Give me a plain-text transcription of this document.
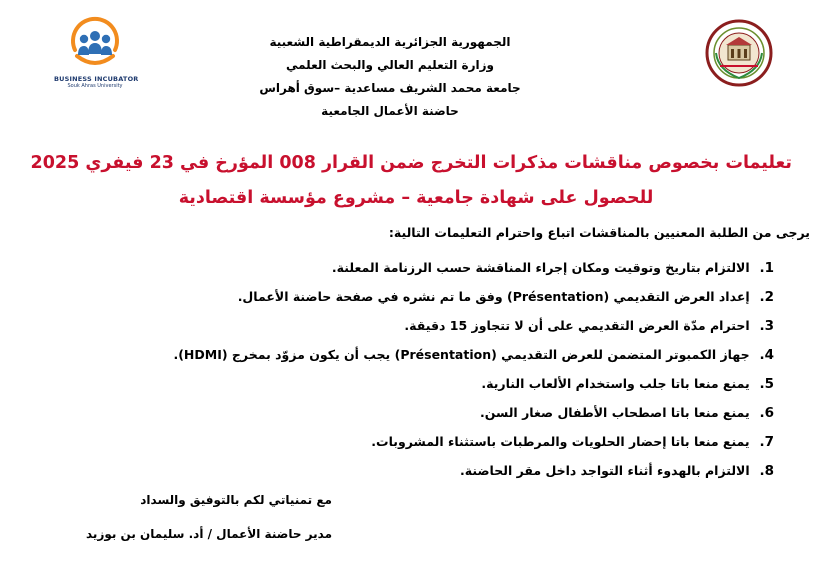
BUSINESS INCUBATOR
Souk Ahras University
الجمهورية الجزائرية الديمقراطية الشعبية
وزارة التعليم العالي والبحث العلمي
جامعة محمد الشريف مساعدية –سوق أهراس
حاضنة الأعمال الجامعية
تعليمات بخصوص مناقشات مذكرات التخرج ضمن القرار 008 المؤرخ في 23 فيفري 2025
للحصول على شهادة جامعية – مشروع مؤسسة اقتصادية
يرجى من الطلبة المعنيين بالمناقشات اتباع واحترام التعليمات التالية:
1. الالتزام بتاريخ وتوقيت ومكان إجراء المناقشة حسب الرزنامة المعلنة.
2. إعداد العرض التقديمي (Présentation) وفق ما تم نشره في صفحة حاضنة الأعمال.
3. احترام مدّة العرض التقديمي على أن لا تتجاوز 15 دقيقة.
4. جهاز الكمبوتر المتضمن للعرض التقديمي (Présentation) يجب أن يكون مزوّد بمخرج (HDMI).
5. يمنع منعا باتا جلب واستخدام الألعاب النارية.
6. يمنع منعا باتا اصطحاب الأطفال صغار السن.
7. يمنع منعا باتا إحضار الحلويات والمرطبات باستثناء المشروبات.
8. الالتزام بالهدوء أثناء التواجد داخل مقر الحاضنة.
مع تمنياتي لكم بالتوفيق والسداد
مدير حاضنة الأعمال / أد. سليمان بن بوزيد
